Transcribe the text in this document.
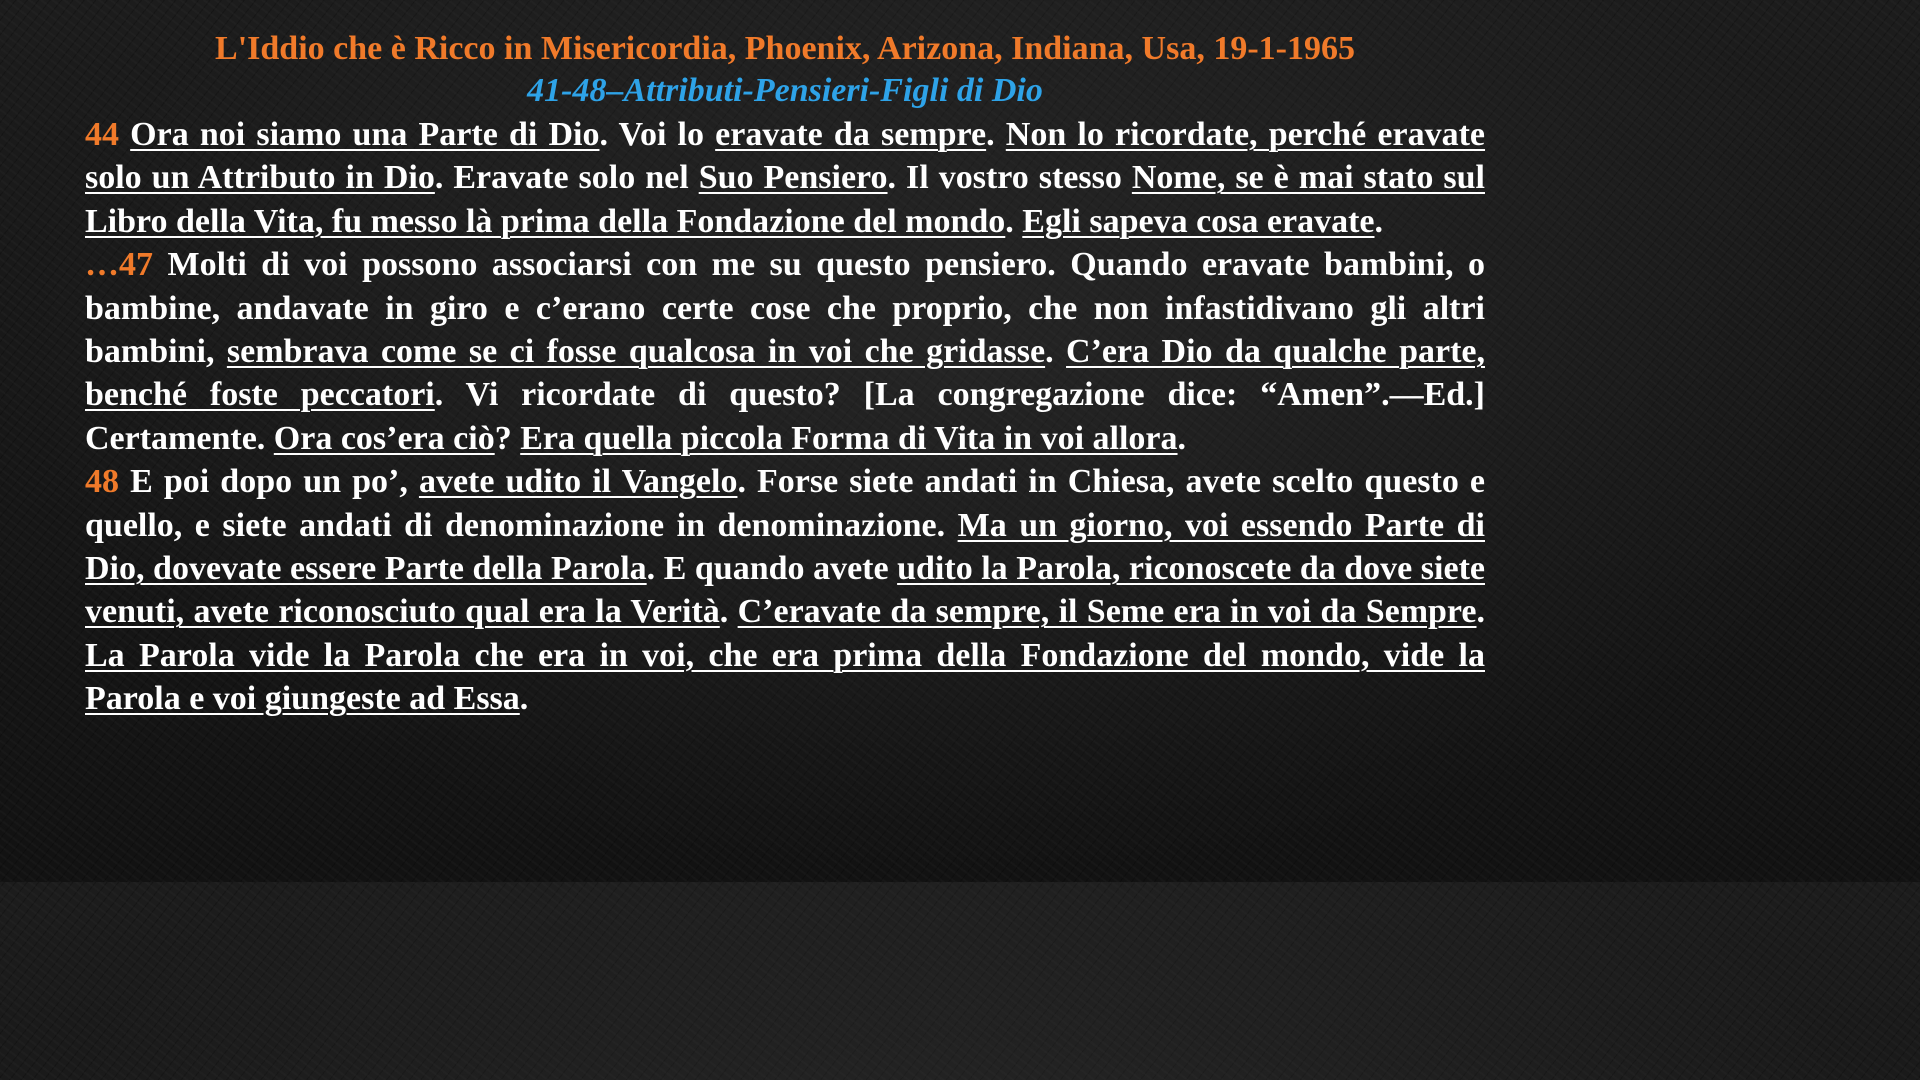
L'Iddio che è Ricco in Misericordia, Phoenix, Arizona, Indiana, Usa, 19-1-1965
41-48–Attributi-Pensieri-Figli di Dio

44 Ora noi siamo una Parte di Dio. Voi lo eravate da sempre. Non lo ricordate, perché eravate solo un Attributo in Dio. Eravate solo nel Suo Pensiero. Il vostro stesso Nome, se è mai stato sul Libro della Vita, fu messo là prima della Fondazione del mondo. Egli sapeva cosa eravate.

…47 Molti di voi possono associarsi con me su questo pensiero. Quando eravate bambini, o bambine, andavate in giro e c’erano certe cose che proprio, che non infastidivano gli altri bambini, sembrava come se ci fosse qualcosa in voi che gridasse. C’era Dio da qualche parte, benché foste peccatori. Vi ricordate di questo? [La congregazione dice: “Amen”.—Ed.] Certamente. Ora cos’era ciò? Era quella piccola Forma di Vita in voi allora.

48 E poi dopo un po’, avete udito il Vangelo. Forse siete andati in Chiesa, avete scelto questo e quello, e siete andati di denominazione in denominazione. Ma un giorno, voi essendo Parte di Dio, dovevate essere Parte della Parola. E quando avete udito la Parola, riconoscete da dove siete venuti, avete riconosciuto qual era la Verità. C’eravate da sempre, il Seme era in voi da Sempre. La Parola vide la Parola che era in voi, che era prima della Fondazione del mondo, vide la Parola e voi giungeste ad Essa.
